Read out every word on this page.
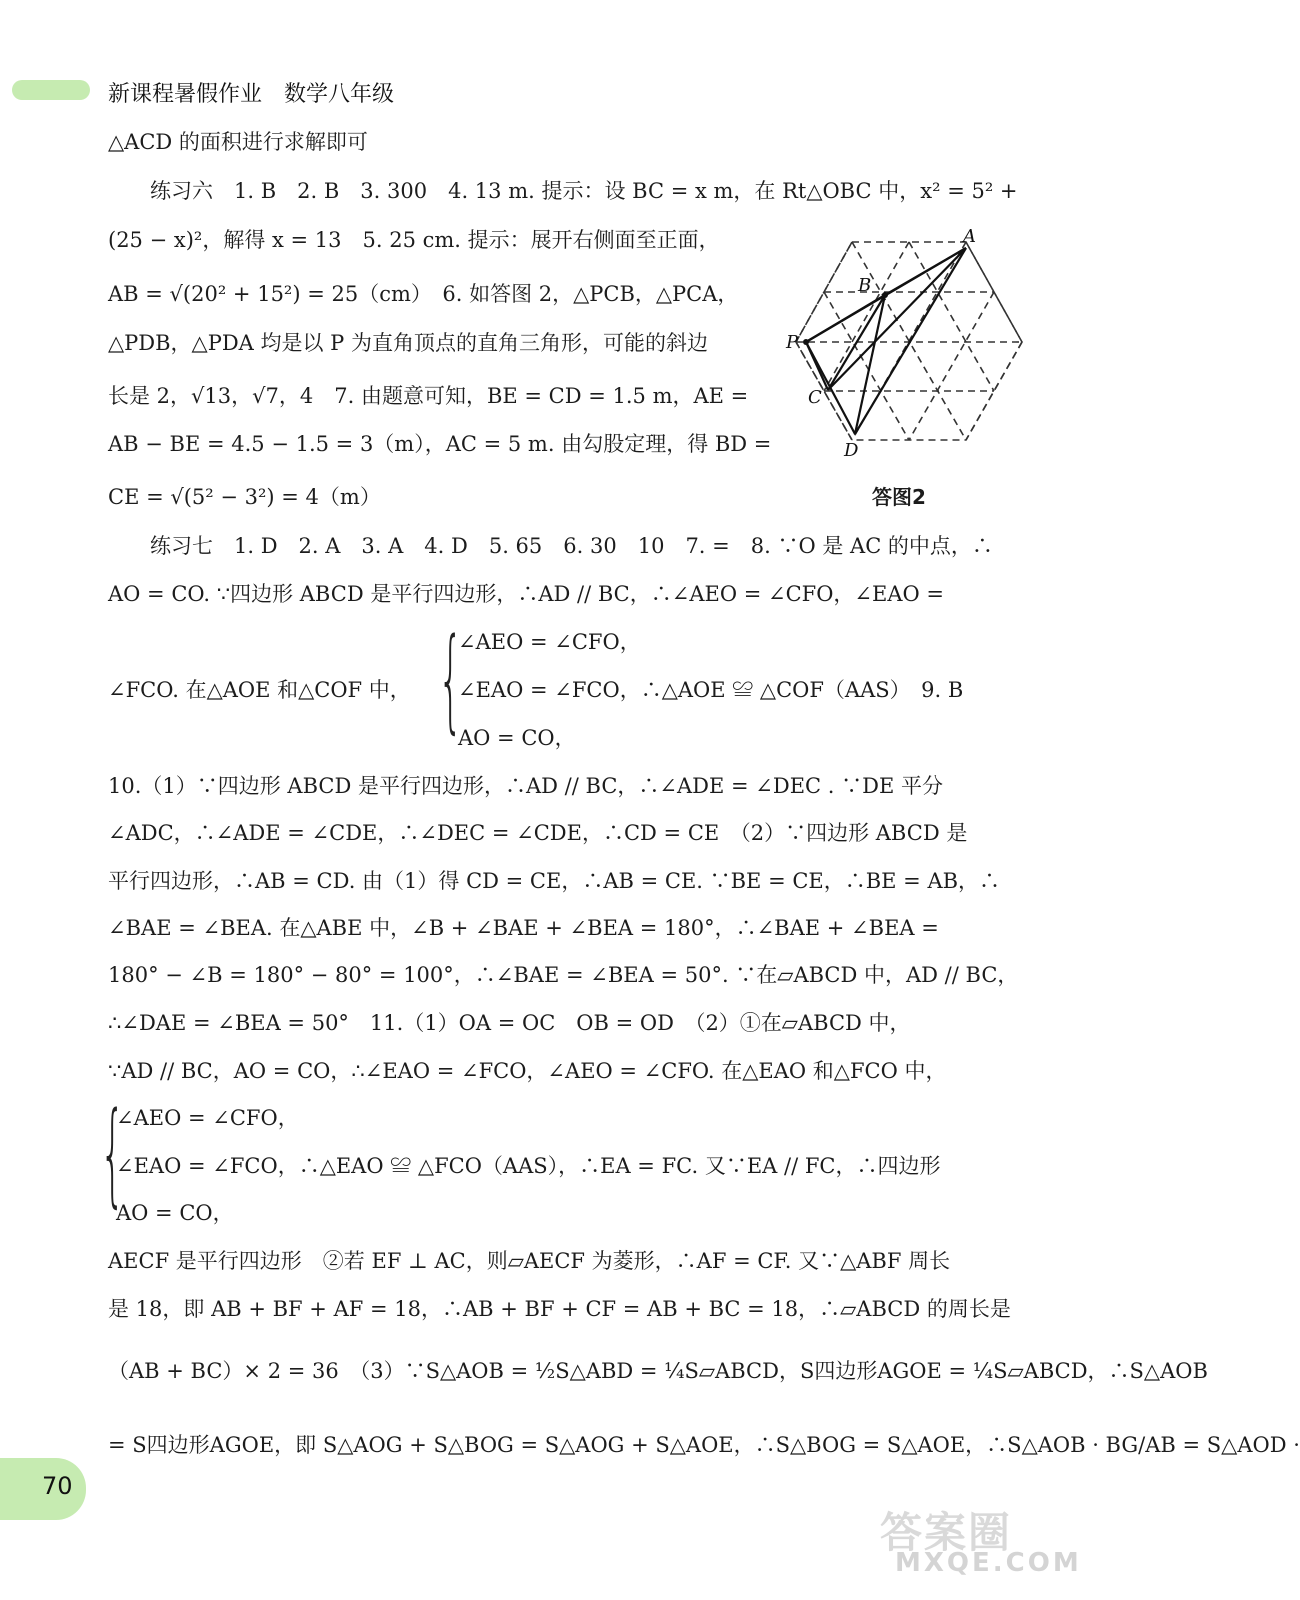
新课程暑假作业 数学八年级
△ACD 的面积进行求解即可
练习六　1. B　2. B　3. 300　4. 13 m. 提示：设 BC = x m，在 Rt△OBC 中，x² = 5² +
(25 − x)²，解得 x = 13　5. 25 cm. 提示：展开右侧面至正面，
AB = √(20² + 15²) = 25（cm）　6. 如答图 2，△PCB，△PCA，
△PDB，△PDA 均是以 P 为直角顶点的直角三角形，可能的斜边
长是 2，√13，√7，4　7. 由题意可知，BE = CD = 1.5 m，AE =
AB − BE = 4.5 − 1.5 = 3（m），AC = 5 m. 由勾股定理，得 BD =
CE = √(5² − 3²) = 4（m）
A
B
P
C
D
答图2
练习七　1. D　2. A　3. A　4. D　5. 65　6. 30　10　7. =　8. ∵O 是 AC 的中点，∴
AO = CO. ∵四边形 ABCD 是平行四边形，∴AD // BC，∴∠AEO = ∠CFO，∠EAO =
{
∠AEO = ∠CFO，
∠FCO. 在△AOE 和△COF 中， ∠EAO = ∠FCO，∴△AOE ≌ △COF（AAS）　9. B
AO = CO，
10.（1）∵四边形 ABCD 是平行四边形，∴AD // BC，∴∠ADE = ∠DEC . ∵DE 平分
∠ADC，∴∠ADE = ∠CDE，∴∠DEC = ∠CDE，∴CD = CE　（2）∵四边形 ABCD 是
平行四边形，∴AB = CD. 由（1）得 CD = CE，∴AB = CE. ∵BE = CE，∴BE = AB，∴
∠BAE = ∠BEA. 在△ABE 中，∠B + ∠BAE + ∠BEA = 180°，∴∠BAE + ∠BEA =
180° − ∠B = 180° − 80° = 100°，∴∠BAE = ∠BEA = 50°. ∵在▱ABCD 中，AD // BC，
∴∠DAE = ∠BEA = 50°　11.（1）OA = OC　OB = OD　（2）①在▱ABCD 中，
∵AD // BC，AO = CO，∴∠EAO = ∠FCO，∠AEO = ∠CFO. 在△EAO 和△FCO 中，
{
∠AEO = ∠CFO，
∠EAO = ∠FCO，∴△EAO ≌ △FCO（AAS），∴EA = FC. 又∵EA // FC，∴四边形
AO = CO，
AECF 是平行四边形　②若 EF ⊥ AC，则▱AECF 为菱形，∴AF = CF. 又∵△ABF 周长
是 18，即 AB + BF + AF = 18，∴AB + BF + CF = AB + BC = 18，∴▱ABCD 的周长是
（AB + BC）× 2 = 36　（3）∵S△AOB = ½S△ABD = ¼S▱ABCD，S四边形AGOE = ¼S▱ABCD，∴S△AOB
= S四边形AGOE，即 S△AOG + S△BOG = S△AOG + S△AOE，∴S△BOG = S△AOE，∴S△AOB · BG/AB = S△AOD ·
70
答案圈
MXQE.COM
